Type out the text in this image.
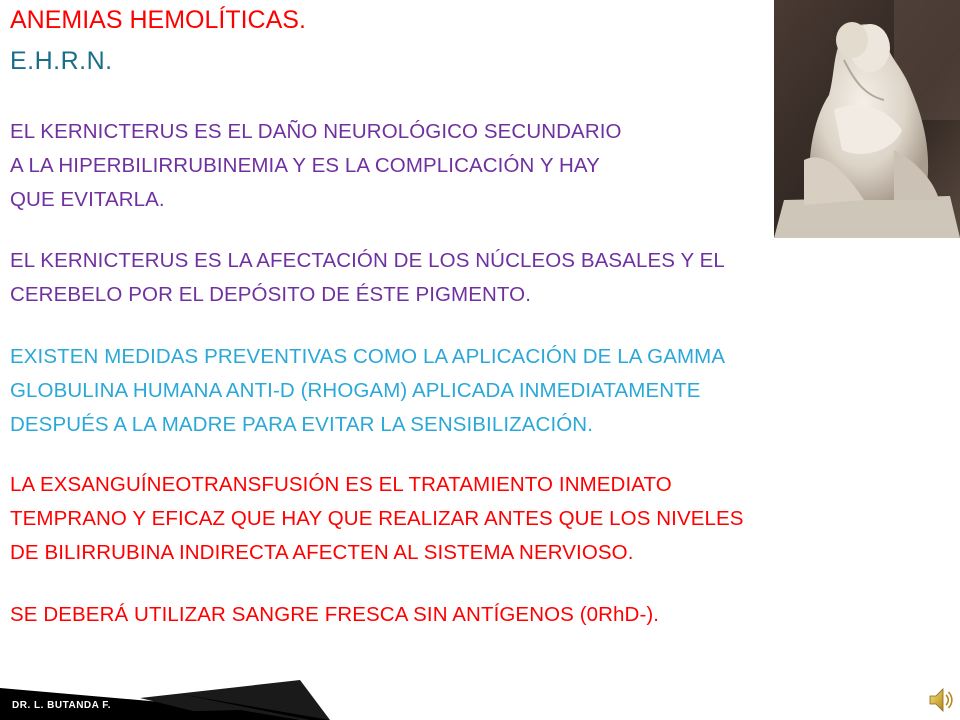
ANEMIAS HEMOLÍTICAS.
E.H.R.N.
EL KERNICTERUS ES EL DAÑO NEUROLÓGICO SECUNDARIO
A LA HIPERBILIRRUBINEMIA Y ES LA COMPLICACIÓN Y HAY
QUE EVITARLA.
EL KERNICTERUS ES LA AFECTACIÓN DE LOS NÚCLEOS BASALES Y EL
CEREBELO POR EL DEPÓSITO DE ÉSTE PIGMENTO.
EXISTEN MEDIDAS PREVENTIVAS COMO LA APLICACIÓN DE LA GAMMA
GLOBULINA HUMANA ANTI-D (RHOGAM) APLICADA INMEDIATAMENTE
DESPUÉS A LA MADRE PARA EVITAR LA SENSIBILIZACIÓN.
LA EXSANGUÍNEOTRANSFUSIÓN ES EL TRATAMIENTO INMEDIATO
TEMPRANO Y EFICAZ QUE HAY QUE REALIZAR ANTES QUE LOS NIVELES
DE BILIRRUBINA INDIRECTA AFECTEN AL SISTEMA NERVIOSO.
SE DEBERÁ UTILIZAR SANGRE FRESCA SIN ANTÍGENOS (0RhD-).
DR. L. BUTANDA F.
